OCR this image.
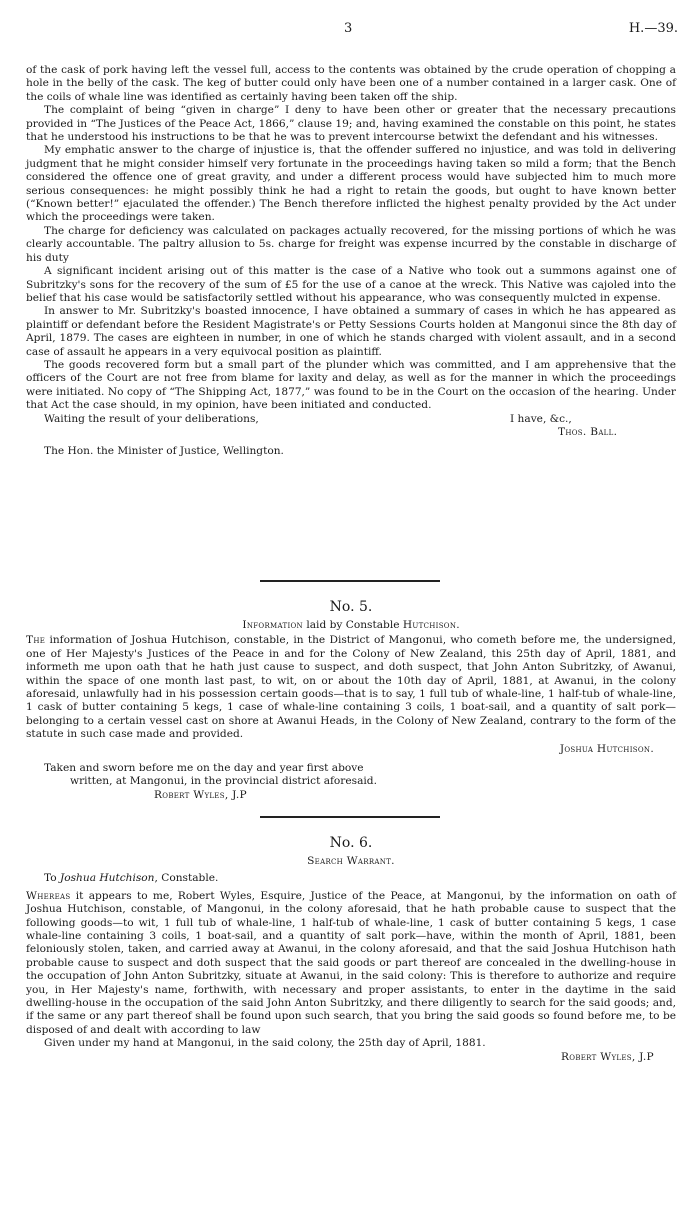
3	H.—39.

of the cask of pork having left the vessel full, access to the contents was obtained by the crude operation of chopping a hole in the belly of the cask. The keg of butter could only have been one of a number contained in a larger cask. One of the coils of whale line was identified as certainly having been taken off the ship.

The complaint of being “given in charge” I deny to have been other or greater that the necessary precautions provided in “The Justices of the Peace Act, 1866,” clause 19; and, having examined the constable on this point, he states that he understood his instructions to be that he was to prevent intercourse betwixt the defendant and his witnesses.

My emphatic answer to the charge of injustice is, that the offender suffered no injustice, and was told in delivering judgment that he might consider himself very fortunate in the proceedings having taken so mild a form; that the Bench considered the offence one of great gravity, and under a different process would have subjected him to much more serious consequences: he might possibly think he had a right to retain the goods, but ought to have known better (“Known better!” ejaculated the offender.) The Bench therefore inflicted the highest penalty provided by the Act under which the proceedings were taken.

The charge for deficiency was calculated on packages actually recovered, for the missing portions of which he was clearly accountable. The paltry allusion to 5s. charge for freight was expense incurred by the constable in discharge of his duty

A significant incident arising out of this matter is the case of a Native who took out a summons against one of Subritzky's sons for the recovery of the sum of £5 for the use of a canoe at the wreck. This Native was cajoled into the belief that his case would be satisfactorily settled without his appearance, who was consequently mulcted in expense.

In answer to Mr. Subritzky's boasted innocence, I have obtained a summary of cases in which he has appeared as plaintiff or defendant before the Resident Magistrate's or Petty Sessions Courts holden at Mangonui since the 8th day of April, 1879. The cases are eighteen in number, in one of which he stands charged with violent assault, and in a second case of assault he appears in a very equivocal position as plaintiff.

The goods recovered form but a small part of the plunder which was committed, and I am apprehensive that the officers of the Court are not free from blame for laxity and delay, as well as for the manner in which the proceedings were initiated. No copy of “The Shipping Act, 1877,” was found to be in the Court on the occasion of the hearing. Under that Act the case should, in my opinion, have been initiated and conducted.

Waiting the result of your deliberations,	I have, &c.,
Thos. Ball.

The Hon. the Minister of Justice, Wellington.

No. 5.
Information laid by Constable Hutchison.

The information of Joshua Hutchison, constable, in the District of Mangonui, who cometh before me, the undersigned, one of Her Majesty's Justices of the Peace in and for the Colony of New Zealand, this 25th day of April, 1881, and informeth me upon oath that he hath just cause to suspect, and doth suspect, that John Anton Subritzky, of Awanui, within the space of one month last past, to wit, on or about the 10th day of April, 1881, at Awanui, in the colony aforesaid, unlawfully had in his possession certain goods—that is to say, 1 full tub of whale-line, 1 half-tub of whale-line, 1 cask of butter containing 5 kegs, 1 case of whale-line containing 3 coils, 1 boat-sail, and a quantity of salt pork—belonging to a certain vessel cast on shore at Awanui Heads, in the Colony of New Zealand, contrary to the form of the statute in such case made and provided.

Joshua Hutchison.
Taken and sworn before me on the day and year first above
written, at Mangonui, in the provincial district aforesaid.
Robert Wyles, J.P
No. 6.
Search Warrant.
To Joshua Hutchison, Constable.

Whereas it appears to me, Robert Wyles, Esquire, Justice of the Peace, at Mangonui, by the information on oath of Joshua Hutchison, constable, of Mangonui, in the colony aforesaid, that he hath probable cause to suspect that the following goods—to wit, 1 full tub of whale-line, 1 half-tub of whale-line, 1 cask of butter containing 5 kegs, 1 case whale-line containing 3 coils, 1 boat-sail, and a quantity of salt pork—have, within the month of April, 1881, been feloniously stolen, taken, and carried away at Awanui, in the colony aforesaid, and that the said Joshua Hutchison hath probable cause to suspect and doth suspect that the said goods or part thereof are concealed in the dwelling-house in the occupation of John Anton Subritzky, situate at Awanui, in the said colony: This is therefore to authorize and require you, in Her Majesty's name, forthwith, with necessary and proper assistants, to enter in the daytime in the said dwelling-house in the occupation of the said John Anton Subritzky, and there diligently to search for the said goods; and, if the same or any part thereof shall be found upon such search, that you bring the said goods so found before me, to be disposed of and dealt with according to law

Given under my hand at Mangonui, in the said colony, the 25th day of April, 1881.
Robert Wyles, J.P
